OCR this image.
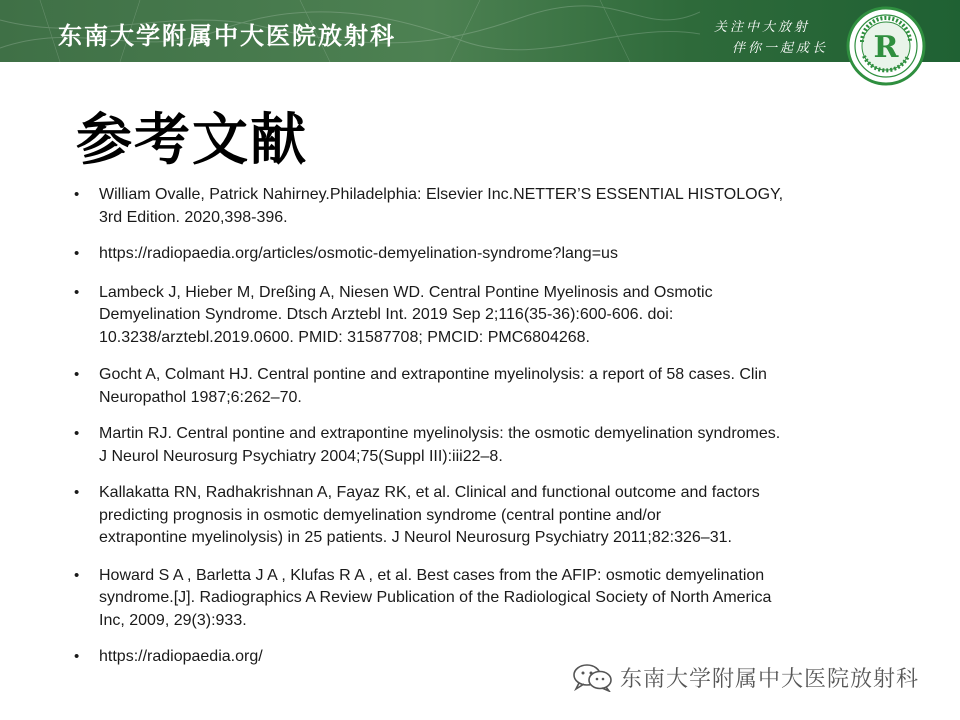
东南大学附属中大医院放射科	关注中大放射
伴你一起成长 R
参考文献
• William Ovalle, Patrick Nahirney.Philadelphia: Elsevier Inc.NETTER’S ESSENTIAL HISTOLOGY,
3rd Edition. 2020,398-396.
• https://radiopaedia.org/articles/osmotic-demyelination-syndrome?lang=us
• Lambeck J, Hieber M, Dreßing A, Niesen WD. Central Pontine Myelinosis and Osmotic
Demyelination Syndrome. Dtsch Arztebl Int. 2019 Sep 2;116(35-36):600-606. doi:
10.3238/arztebl.2019.0600. PMID: 31587708; PMCID: PMC6804268.
• Gocht A, Colmant HJ. Central pontine and extrapontine myelinolysis: a report of 58 cases. Clin
Neuropathol 1987;6:262–70.
• Martin RJ. Central pontine and extrapontine myelinolysis: the osmotic demyelination syndromes.
J Neurol Neurosurg Psychiatry 2004;75(Suppl III):iii22–8.
• Kallakatta RN, Radhakrishnan A, Fayaz RK, et al. Clinical and functional outcome and factors
predicting prognosis in osmotic demyelination syndrome (central pontine and/or
extrapontine myelinolysis) in 25 patients. J Neurol Neurosurg Psychiatry 2011;82:326–31.
• Howard S A , Barletta J A , Klufas R A , et al. Best cases from the AFIP: osmotic demyelination
syndrome.[J]. Radiographics A Review Publication of the Radiological Society of North America
Inc, 2009, 29(3):933.
• https://radiopaedia.org/
东南大学附属中大医院放射科
